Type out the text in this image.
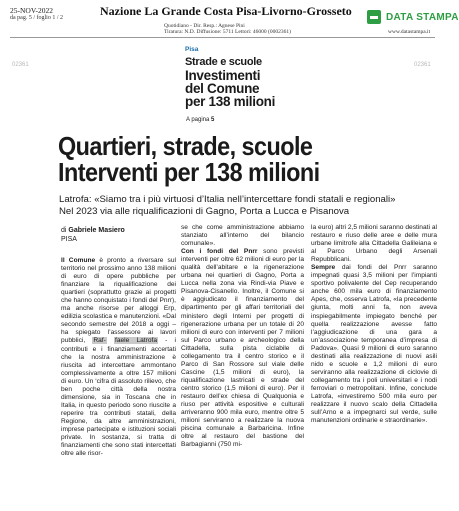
25-NOV-2022
da pag. 5 / foglio 1 / 2	Nazione La Grande Costa Pisa-Livorno-Grosseto
Quotidiano - Dir. Resp.: Agnese Pini
Tiratura: N.D. Diffusione: 5711 Lettori: 46000 (0002361)
DATA STAMPA
www.datastampa.it
02361	02361
Pisa
Strade e scuole
Investimenti
del Comune
per 138 milioni
A pagina 5
Quartieri, strade, scuole
Interventi per 138 milioni
Latrofa: «Siamo tra i più virtuosi d’Italia nell’intercettare fondi statali e regionali»
Nel 2023 via alle riqualificazioni di Gagno, Porta a Lucca e Pisanova
di Gabriele Masiero
PISA

Il Comune è pronto a riversare sul territorio nel prossimo anno 138 milioni di euro di opere pubbliche per finanziare la riqualificazione dei quartieri (soprattutto grazie ai progetti che hanno conquistato i fondi del Pnrr), ma anche risorse per alloggi Erp, edilizia scolastica e manutenzioni. «Dal secondo semestre del 2018 a oggi – ha spiegato l’assessore ai lavori pubblici, Raf- faele Latrofa - i contributi e i finanziamenti accertati che la nostra amministrazione è riuscita ad intercettare ammontano complessivamente a oltre 157 milioni di euro. Un ‘cifra di assoluto rilievo, che ben poche città della nostra dimensione, sia in Toscana che in Italia, in questo periodo sono riuscite a reperire tra contributi statali, della Regione, da altre amministrazioni, imprese partecipate e istituzioni sociali private. In sostanza, si tratta di finanziamenti che sono stati intercettati oltre alle risor-

se che come amministrazione abbiamo stanziato all’interno del bilancio comunale».

Con i fondi del Pnrr sono previsti interventi per oltre 62 milioni di euro per la qualità dell’abitare e la rigenerazione urbana nei quartieri di Gagno, Porta a Lucca nella zona via Rindi-via Piave e Pisanova-Cisanello. Inoltre, il Comune si è aggiudicato il finanziamento del dipartimento per gli affari territoriali del ministero degli Interni per progetti di rigenerazione urbana per un totale di 20 milioni di euro con interventi per 7 milioni sul Parco urbano e archeologico della Cittadella, sulla pista ciclabile di collegamento tra il centro storico e il Parco di San Rossore sul viale delle Cascine (1,5 milioni di euro), la riqualificazione lastricati e strade del centro storico (1,5 milioni di euro). Per il restauro dell’ex chiesa di Qualquonia e riuso per attività espositive e culturali arriveranno 900 mila euro, mentre oltre 5 milioni serviranno a realizzare la nuova piscina comunale a Barbaricina. Infine oltre al restauro del bastione del Barbagianni (750 mi-

la euro) altri 2,5 milioni saranno destinati al restauro e riuso delle aree e delle mura urbane limitrofe alla Cittadella Galileiana e al Parco Urbano degli Arsenali Repubblicani.

Sempre dai fondi del Pnrr saranno impegnati quasi 3,5 milioni per l’impianti sportivo polivalente del Cep recuperando anche 600 mila euro di finanziamento Apes, che, osserva Latrofa, «la precedente giunta, molti anni fa, non aveva inspiegabilmente impiegato benché per quella realizzazione avesse fatto l’aggiudicazione di una gara a un’associazione temporanea d’impresa di Padova». Quasi 9 milioni di euro saranno destinati alla realizzazione di nuovi asili nido e scuole e 1,2 milioni di euro serviranno alla realizzazione di ciclovie di collegamento tra i poli universitari e i nodi ferroviari o metropolitani. Infine, conclude Latrofa, «investiremo 500 mila euro per realizzare il nuovo scalo della Cittadella sull’Arno e a impegnarci sul verde, sulle manutenzioni ordinarie e straordinarie».
